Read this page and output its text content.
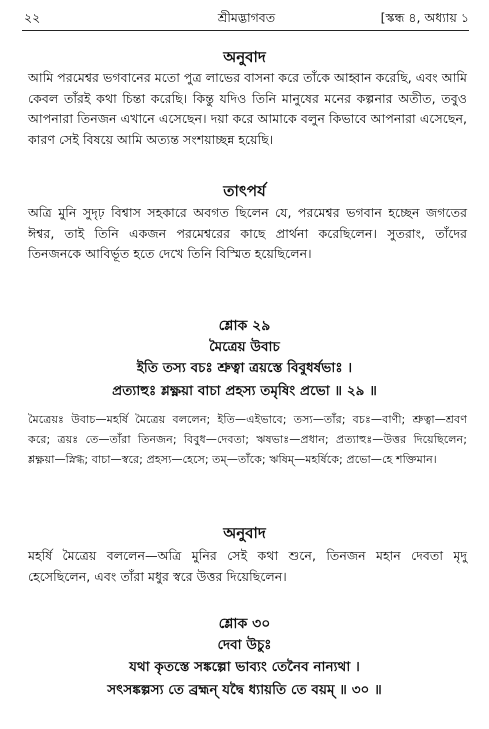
২২	শ্রীমদ্ভাগবত	[স্কন্ধ ৪, অধ্যায় ১
অনুবাদ
আমি পরমেশ্বর ভগবানের মতো পুত্র লাভের বাসনা করে তাঁকে আহ্বান করেছি, এবং আমি কেবল তাঁরই কথা চিন্তা করেছি। কিন্তু যদিও তিনি মানুষের মনের কল্পনার অতীত, তবুও আপনারা তিনজন এখানে এসেছেন। দয়া করে আমাকে বলুন কিভাবে আপনারা এসেছেন, কারণ সেই বিষয়ে আমি অত্যন্ত সংশয়াচ্ছন্ন হয়েছি।
তাৎপর্য
অত্রি মুনি সুদৃঢ় বিশ্বাস সহকারে অবগত ছিলেন যে, পরমেশ্বর ভগবান হচ্ছেন জগতের ঈশ্বর, তাই তিনি একজন পরমেশ্বরের কাছে প্রার্থনা করেছিলেন। সুতরাং, তাঁদের তিনজনকে আবির্ভূত হতে দেখে তিনি বিস্মিত হয়েছিলেন।
শ্লোক ২৯
মৈত্রেয় উবাচ
ইতি তস্য বচঃ শ্রুত্বা ত্রয়স্তে বিবুধর্ষভাঃ ।
প্রত্যাহুঃ শ্লক্ষ্ণয়া বাচা প্রহস্য তমৃষিং প্রভো ॥ ২৯ ॥
মৈত্রেয়ঃ উবাচ—মহর্ষি মৈত্রেয় বললেন; ইতি—এইভাবে; তস্য—তাঁর; বচঃ—বাণী; শ্রুত্বা—শ্রবণ করে; ত্রয়ঃ তে—তাঁরা তিনজন; বিবুধ—দেবতা; ঋষভাঃ—প্রধান; প্রত্যাহুঃ—উত্তর দিয়েছিলেন; শ্লক্ষ্ণয়া—স্নিগ্ধ; বাচা—স্বরে; প্রহস্য—হেসে; তম্—তাঁকে; ঋষিম্—মহর্ষিকে; প্রভো—হে শক্তিমান।
অনুবাদ
মহর্ষি মৈত্রেয় বললেন—অত্রি মুনির সেই কথা শুনে, তিনজন মহান দেবতা মৃদু হেসেছিলেন, এবং তাঁরা মধুর স্বরে উত্তর দিয়েছিলেন।
শ্লোক ৩০
দেবা উচুঃ
যথা কৃতস্তে সঙ্কল্পো ভাব্যং তেনৈব নান্যথা ।
সৎসঙ্কল্পস্য তে ব্রহ্মন্ যদ্বৈ ধ্যায়তি তে বয়ম্ ॥ ৩০ ॥
